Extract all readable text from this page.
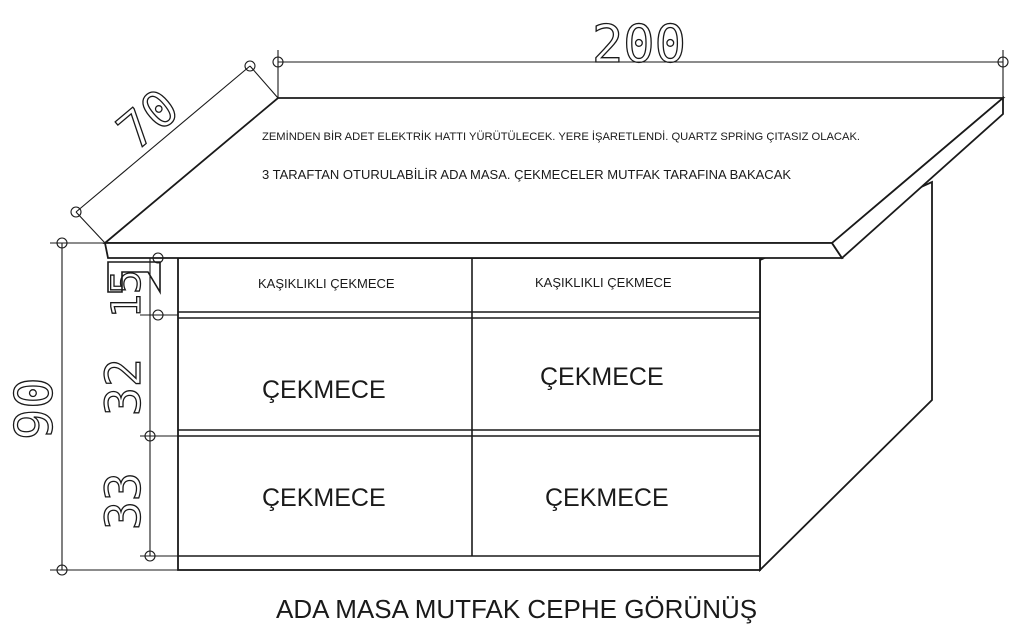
200
70
90
15
32
33
ZEMİNDEN BİR ADET ELEKTRİK HATTI YÜRÜTÜLECEK. YERE İŞARETLENDİ. QUARTZ SPRİNG ÇITASIZ OLACAK.
3 TARAFTAN OTURULABİLİR ADA MASA. ÇEKMECELER MUTFAK TARAFINA BAKACAK
KAŞIKLIKLI ÇEKMECE	KAŞIKLIKLI ÇEKMECE
ÇEKMECE	ÇEKMECE
ÇEKMECE	ÇEKMECE
ADA MASA MUTFAK CEPHE GÖRÜNÜŞ
